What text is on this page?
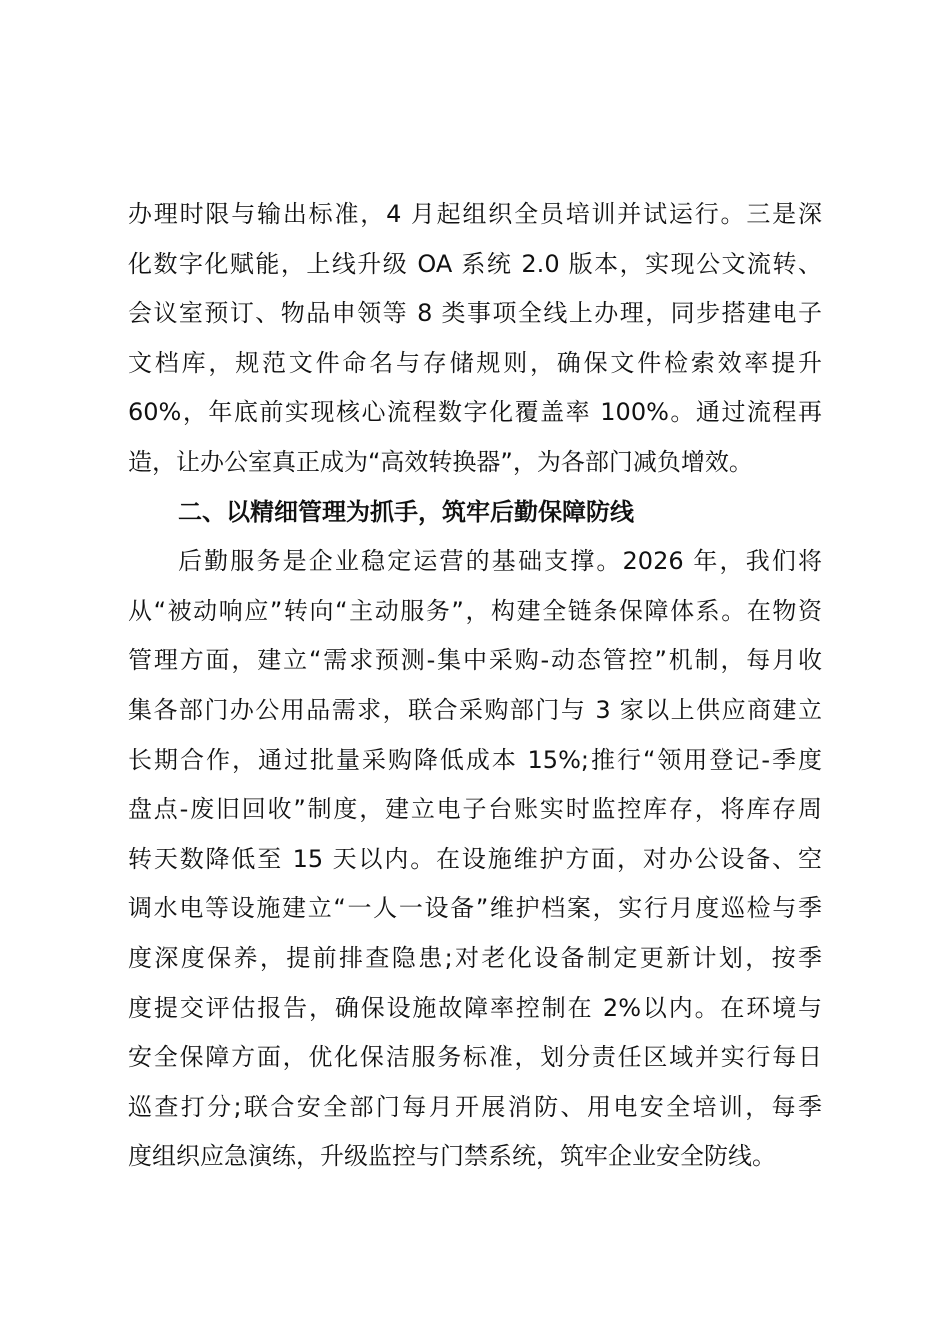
办理时限与输出标准，4 月起组织全员培训并试运行。三是深
化数字化赋能，上线升级 OA 系统 2.0 版本，实现公文流转、
会议室预订、物品申领等 8 类事项全线上办理，同步搭建电子
文档库，规范文件命名与存储规则，确保文件检索效率提升
60%，年底前实现核心流程数字化覆盖率 100%。通过流程再
造，让办公室真正成为“高效转换器”，为各部门减负增效。
二、以精细管理为抓手，筑牢后勤保障防线
后勤服务是企业稳定运营的基础支撑。2026 年，我们将
从“被动响应”转向“主动服务”，构建全链条保障体系。在物资
管理方面，建立“需求预测-集中采购-动态管控”机制，每月收
集各部门办公用品需求，联合采购部门与 3 家以上供应商建立
长期合作，通过批量采购降低成本 15%;推行“领用登记-季度
盘点-废旧回收”制度，建立电子台账实时监控库存，将库存周
转天数降低至 15 天以内。在设施维护方面，对办公设备、空
调水电等设施建立“一人一设备”维护档案，实行月度巡检与季
度深度保养，提前排查隐患;对老化设备制定更新计划，按季
度提交评估报告，确保设施故障率控制在 2%以内。在环境与
安全保障方面，优化保洁服务标准，划分责任区域并实行每日
巡查打分;联合安全部门每月开展消防、用电安全培训，每季
度组织应急演练，升级监控与门禁系统，筑牢企业安全防线。
